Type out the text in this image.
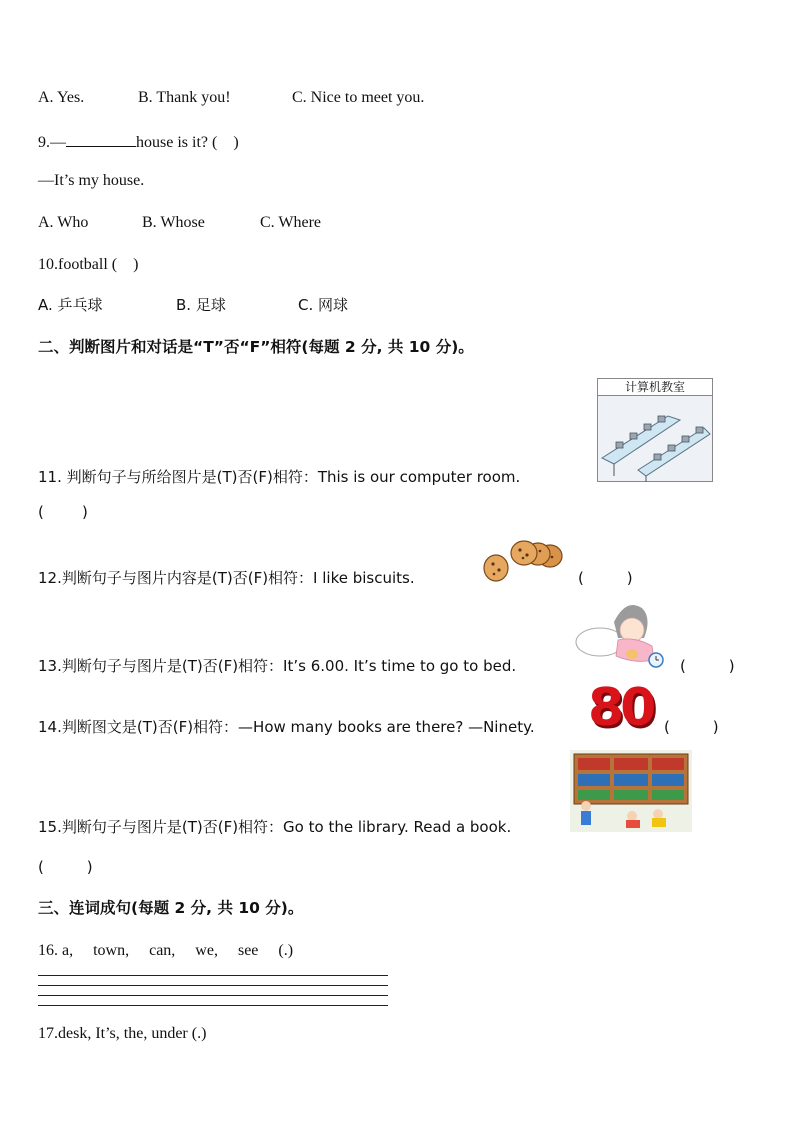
A. Yes.	B. Thank you!	C. Nice to meet you.
9.—	house is it? (    )
—It’s my house.
A. Who	B. Whose	C. Where
10.football (    )
A. 乒乓球	B. 足球	C. 网球
二、判断图片和对话是“T”否“F”相符(每题 2 分, 共 10 分)。
计算机教室
11. 判断句子与所给图片是(T)否(F)相符：This is our computer room.
(        )
12.判断句子与图片内容是(T)否(F)相符：I like biscuits.	(         )
13.判断句子与图片是(T)否(F)相符：It’s 6.00. It’s time to go to bed.	(         )
80
14.判断图文是(T)否(F)相符：—How many books are there? —Ninety.	(         )
15.判断句子与图片是(T)否(F)相符：Go to the library. Read a book.
(         )
三、连词成句(每题 2 分, 共 10 分)。
16. a,     town,     can,     we,     see     (.)
17.desk, It’s, the, under (.)
